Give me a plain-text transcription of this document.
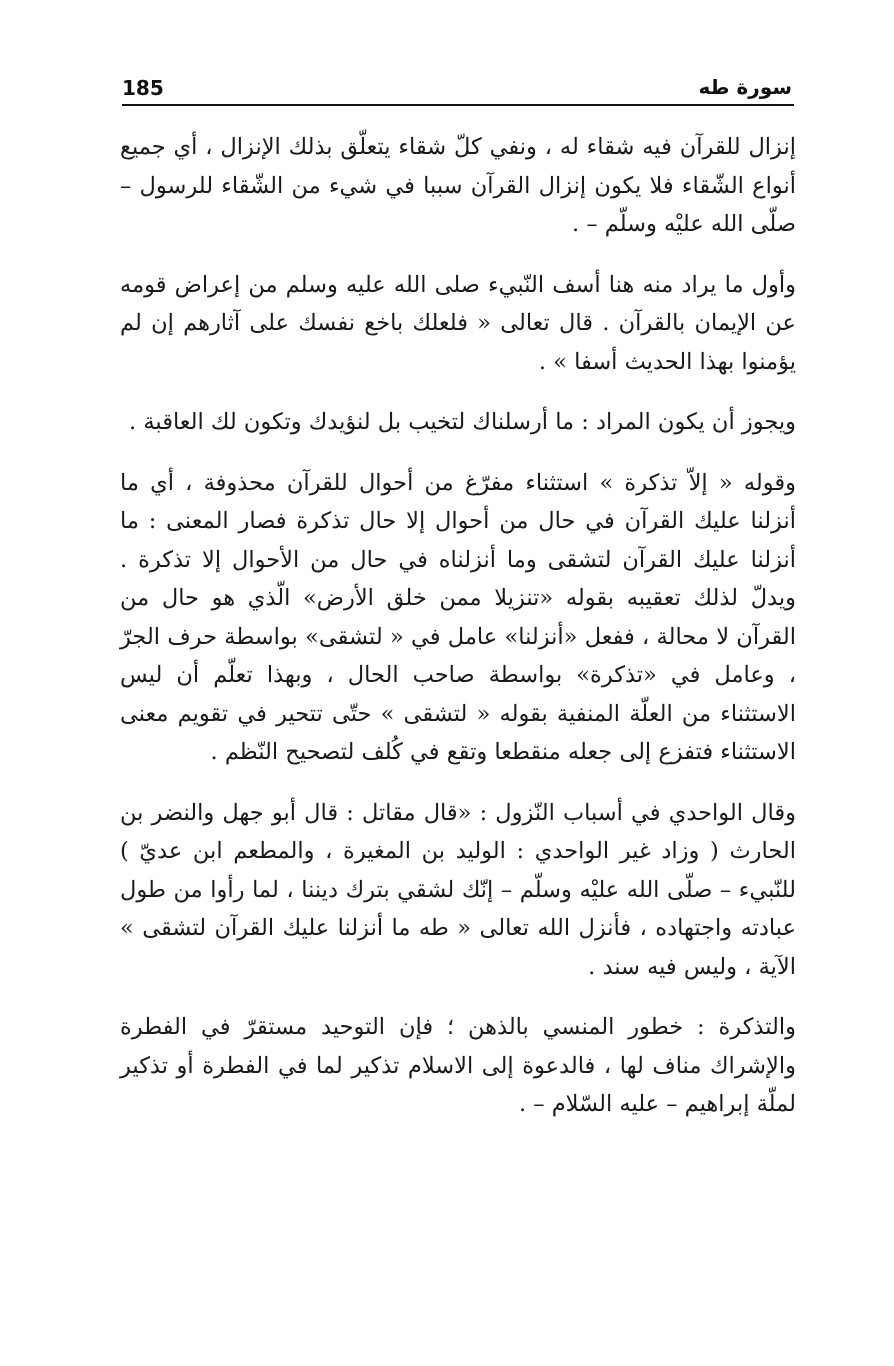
185	سورة طه

إنزال للقرآن فيه شقاء له ، ونفي كلّ شقاء يتعلّق بذلك الإنزال ، أي جميع أنواع الشّقاء فلا يكون إنزال القرآن سببا في شيء من الشّقاء للرسول – صلّى الله عليْه وسلّم – .

وأول ما يراد منه هنا أسف النّبيء صلى الله عليه وسلم من إعراض قومه عن الإيمان بالقرآن . قال تعالى « فلعلك باخع نفسك على آثارهم إن لم يؤمنوا بهذا الحديث أسفا » .

ويجوز أن يكون المراد : ما أرسلناك لتخيب بل لنؤيدك وتكون لك العاقبة .

وقوله « إلاّ تذكرة » استثناء مفرّغ من أحوال للقرآن محذوفة ، أي ما أنزلنا عليك القرآن في حال من أحوال إلا حال تذكرة فصار المعنى : ما أنزلنا عليك القرآن لتشقى وما أنزلناه في حال من الأحوال إلا تذكرة . ويدلّ لذلك تعقيبه بقوله «تنزيلا ممن خلق الأرض» الّذي هو حال من القرآن لا محالة ، ففعل «أنزلنا» عامل في « لتشقى» بواسطة حرف الجرّ ، وعامل في «تذكرة» بواسطة صاحب الحال ، وبهذا تعلّم أن ليس الاستثناء من العلّة المنفية بقوله « لتشقى » حتّى تتحير في تقويم معنى الاستثناء فتفزع إلى جعله منقطعا وتقع في كُلف لتصحيح النّظم .

وقال الواحدي في أسباب النّزول : «قال مقاتل : قال أبو جهل والنضر بن الحارث ( وزاد غير الواحدي : الوليد بن المغيرة ، والمطعم ابن عديّ ) للنّبيء – صلّى الله عليْه وسلّم – إنّك لشقي بترك ديننا ، لما رأوا من طول عبادته واجتهاده ، فأنزل الله تعالى « طه ما أنزلنا عليك القرآن لتشقى » الآية ، وليس فيه سند .

والتذكرة : خطور المنسي بالذهن ؛ فإن التوحيد مستقرّ في الفطرة والإشراك مناف لها ، فالدعوة إلى الاسلام تذكير لما في الفطرة أو تذكير لملّة إبراهيم – عليه السّلام – .
